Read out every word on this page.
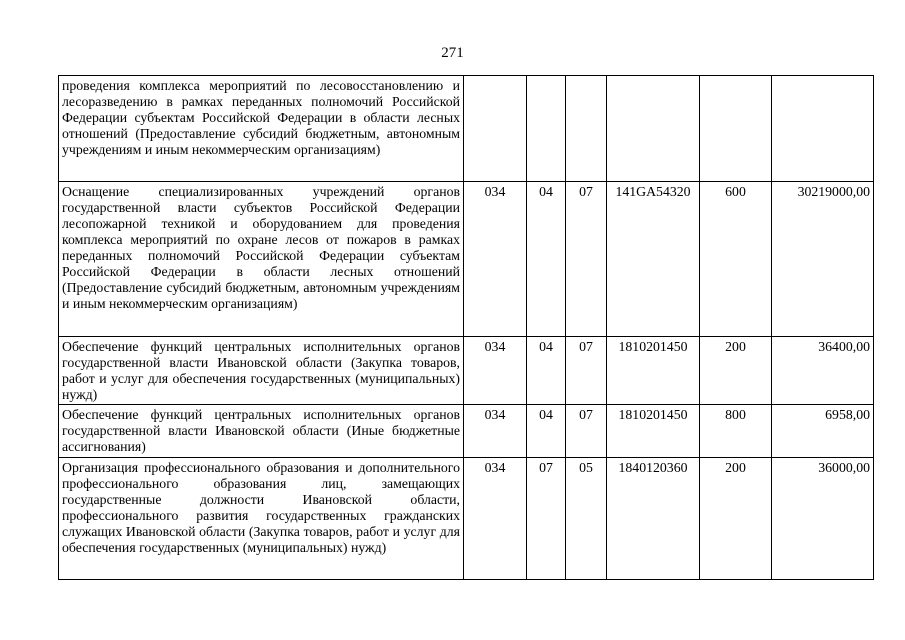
271
проведения комплекса мероприятий по лесовосстановлению и лесоразведению в рамках переданных полномочий Российской Федерации субъектам Российской Федерации в области лесных отношений (Предоставление субсидий бюджетным, автономным учреждениям и иным некоммерческим организациям)						
Оснащение специализированных учреждений органов государственной власти субъектов Российской Федерации лесопожарной техникой и оборудованием для проведения комплекса мероприятий по охране лесов от пожаров в рамках переданных полномочий Российской Федерации субъектам Российской Федерации в области лесных отношений (Предоставление субсидий бюджетным, автономным учреждениям и иным некоммерческим организациям)	034	04	07	141GA54320	600	30219000,00
Обеспечение функций центральных исполнительных органов государственной власти Ивановской области (Закупка товаров, работ и услуг для обеспечения государственных (муниципальных) нужд)	034	04	07	1810201450	200	36400,00
Обеспечение функций центральных исполнительных органов государственной власти Ивановской области (Иные бюджетные ассигнования)	034	04	07	1810201450	800	6958,00
Организация профессионального образования и дополнительного профессионального образования лиц, замещающих государственные должности Ивановской области, профессионального развития государственных гражданских служащих Ивановской области (Закупка товаров, работ и услуг для обеспечения государственных (муниципальных) нужд)	034	07	05	1840120360	200	36000,00
